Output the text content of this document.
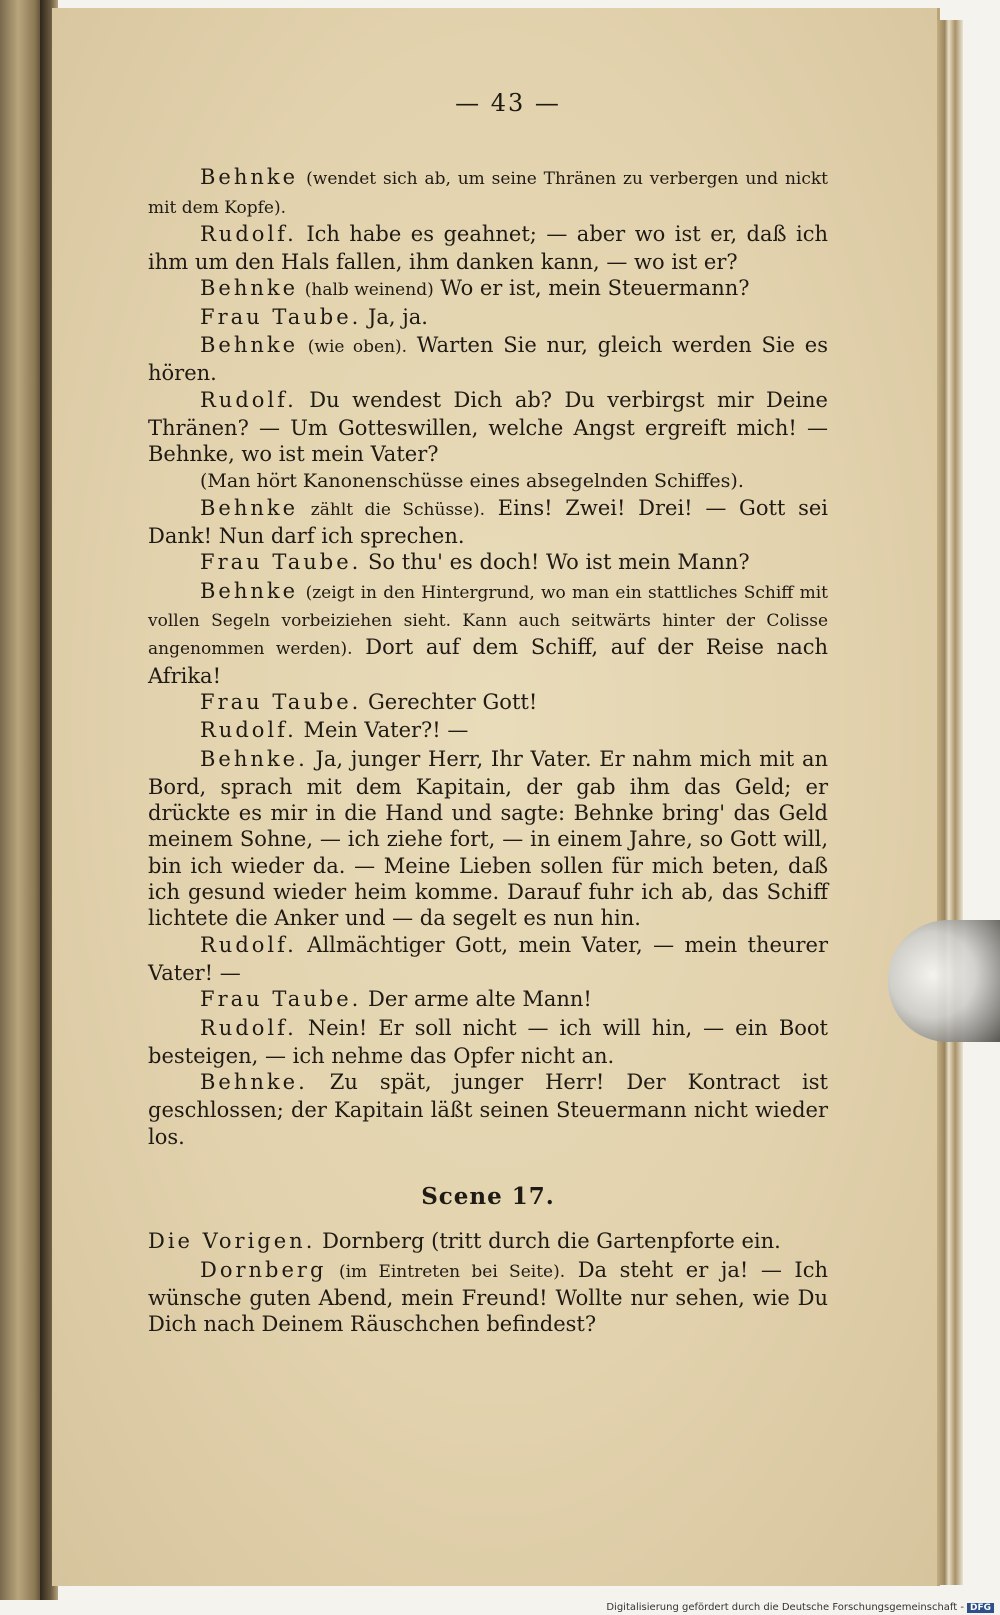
— 43 —

Behnke (wendet sich ab, um seine Thränen zu verbergen und nickt mit dem Kopfe).

Rudolf. Ich habe es geahnet; — aber wo ist er, daß ich ihm um den Hals fallen, ihm danken kann, — wo ist er?

Behnke (halb weinend) Wo er ist, mein Steuermann?

Frau Taube. Ja, ja.

Behnke (wie oben). Warten Sie nur, gleich werden Sie es hören.

Rudolf. Du wendest Dich ab? Du verbirgst mir Deine Thränen? — Um Gotteswillen, welche Angst ergreift mich! — Behnke, wo ist mein Vater?

(Man hört Kanonenschüsse eines absegelnden Schiffes).

Behnke zählt die Schüsse). Eins! Zwei! Drei! — Gott sei Dank! Nun darf ich sprechen.

Frau Taube. So thu' es doch! Wo ist mein Mann?

Behnke (zeigt in den Hintergrund, wo man ein stattliches Schiff mit vollen Segeln vorbeiziehen sieht. Kann auch seitwärts hinter der Colisse angenommen werden). Dort auf dem Schiff, auf der Reise nach Afrika!

Frau Taube. Gerechter Gott!

Rudolf. Mein Vater?! —

Behnke. Ja, junger Herr, Ihr Vater. Er nahm mich mit an Bord, sprach mit dem Kapitain, der gab ihm das Geld; er drückte es mir in die Hand und sagte: Behnke bring' das Geld meinem Sohne, — ich ziehe fort, — in einem Jahre, so Gott will, bin ich wieder da. — Meine Lieben sollen für mich beten, daß ich gesund wieder heim komme. Darauf fuhr ich ab, das Schiff lichtete die Anker und — da segelt es nun hin.

Rudolf. Allmächtiger Gott, mein Vater, — mein theurer Vater! —

Frau Taube. Der arme alte Mann!

Rudolf. Nein! Er soll nicht — ich will hin, — ein Boot besteigen, — ich nehme das Opfer nicht an.

Behnke. Zu spät, junger Herr! Der Kontract ist geschlossen; der Kapitain läßt seinen Steuermann nicht wieder los.

Scene 17.

Die Vorigen. Dornberg (tritt durch die Gartenpforte ein.

Dornberg (im Eintreten bei Seite). Da steht er ja! — Ich wünsche guten Abend, mein Freund! Wollte nur sehen, wie Du Dich nach Deinem Räuschchen befindest?

Digitalisierung gefördert durch die Deutsche Forschungsgemeinschaft - DFG
